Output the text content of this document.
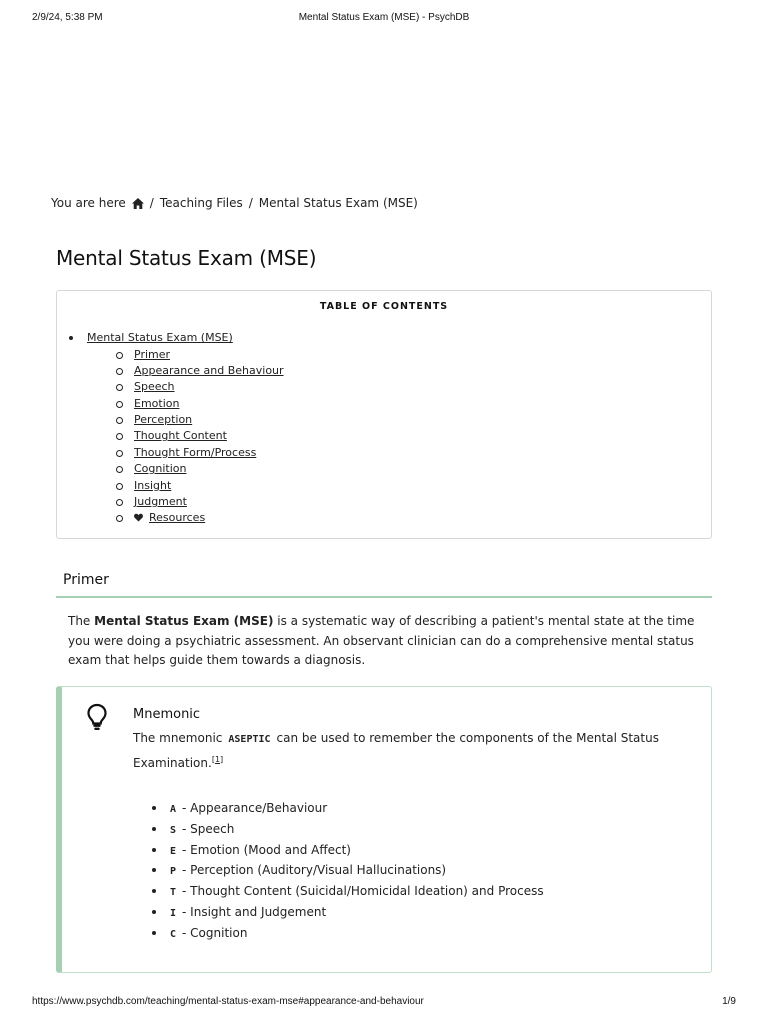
2/9/24, 5:38 PM	Mental Status Exam (MSE) - PsychDB
You are here / Teaching Files / Mental Status Exam (MSE)
Mental Status Exam (MSE)
TABLE OF CONTENTS
Mental Status Exam (MSE)
Primer
Appearance and Behaviour
Speech
Emotion
Perception
Thought Content
Thought Form/Process
Cognition
Insight
Judgment
Resources
Primer

The Mental Status Exam (MSE) is a systematic way of describing a patient's mental state at the time you were doing a psychiatric assessment. An observant clinician can do a comprehensive mental status exam that helps guide them towards a diagnosis.

Mnemonic

The mnemonic ASEPTIC can be used to remember the components of the Mental Status Examination.[1]

A - Appearance/Behaviour
S - Speech
E - Emotion (Mood and Affect)
P - Perception (Auditory/Visual Hallucinations)
T - Thought Content (Suicidal/Homicidal Ideation) and Process
I - Insight and Judgement
C - Cognition
https://www.psychdb.com/teaching/mental-status-exam-mse#appearance-and-behaviour	1/9
